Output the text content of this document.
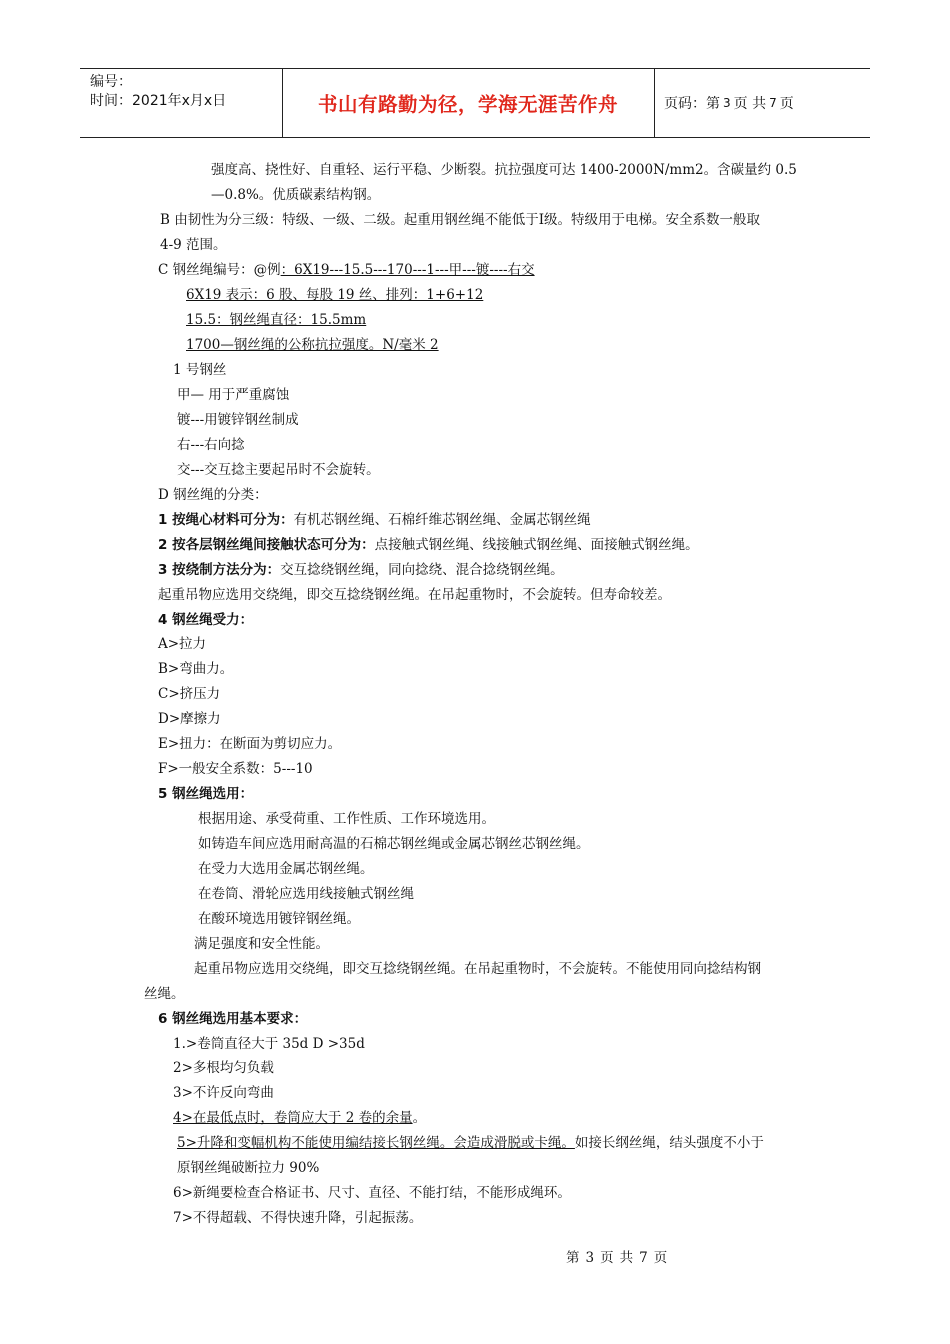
编号：
时间：2021年x月x日	书山有路勤为径，学海无涯苦作舟	页码：第 3 页 共 7 页
强度高、挠性好、自重轻、运行平稳、少断裂。抗拉强度可达 1400-2000N/mm2。含碳量约 0.5
—0.8%。优质碳素结构钢。
B 由韧性为分三级：特级、一级、二级。起重用钢丝绳不能低于Ⅰ级。特级用于电梯。安全系数一般取
4-9 范围。
C 钢丝绳编号：@例：6X19---15.5---170---1---甲---镀----右交
6X19 表示：6 股、每股 19 丝、排列：1+6+12
15.5：钢丝绳直径：15.5mm
1700—钢丝绳的公称抗拉强度。N/毫米 2
1 号钢丝
甲— 用于严重腐蚀
镀---用镀锌钢丝制成
右---右向捻
交---交互捻主要起吊时不会旋转。
D 钢丝绳的分类：
1 按绳心材料可分为：有机芯钢丝绳、石棉纤维芯钢丝绳、金属芯钢丝绳
2 按各层钢丝绳间接触状态可分为：点接触式钢丝绳、线接触式钢丝绳、面接触式钢丝绳。
3 按绕制方法分为：交互捻绕钢丝绳，同向捻绕、混合捻绕钢丝绳。
起重吊物应选用交绕绳，即交互捻绕钢丝绳。在吊起重物时，不会旋转。但寿命较差。
4 钢丝绳受力：
A>拉力
B>弯曲力。
C>挤压力
D>摩擦力
E>扭力：在断面为剪切应力。
F>一般安全系数：5---10
5 钢丝绳选用：
根据用途、承受荷重、工作性质、工作环境选用。
如铸造车间应选用耐高温的石棉芯钢丝绳或金属芯钢丝芯钢丝绳。
在受力大选用金属芯钢丝绳。
在卷筒、滑轮应选用线接触式钢丝绳
在酸环境选用镀锌钢丝绳。
满足强度和安全性能。
起重吊物应选用交绕绳，即交互捻绕钢丝绳。在吊起重物时，不会旋转。不能使用同向捻结构钢
丝绳。
6 钢丝绳选用基本要求：
1.>卷筒直径大于 35d D >35d
2>多根均匀负载
3>不许反向弯曲
4>在最低点时，卷筒应大于 2 卷的余量。
5>升降和变幅机构不能使用编结接长钢丝绳。会造成滑脱或卡绳。如接长纲丝绳，结头强度不小于
原钢丝绳破断拉力 90%
6>新绳要检查合格证书、尺寸、直径、不能打结，不能形成绳环。
7>不得超载、不得快速升降，引起振荡。
第 3 页 共 7 页
